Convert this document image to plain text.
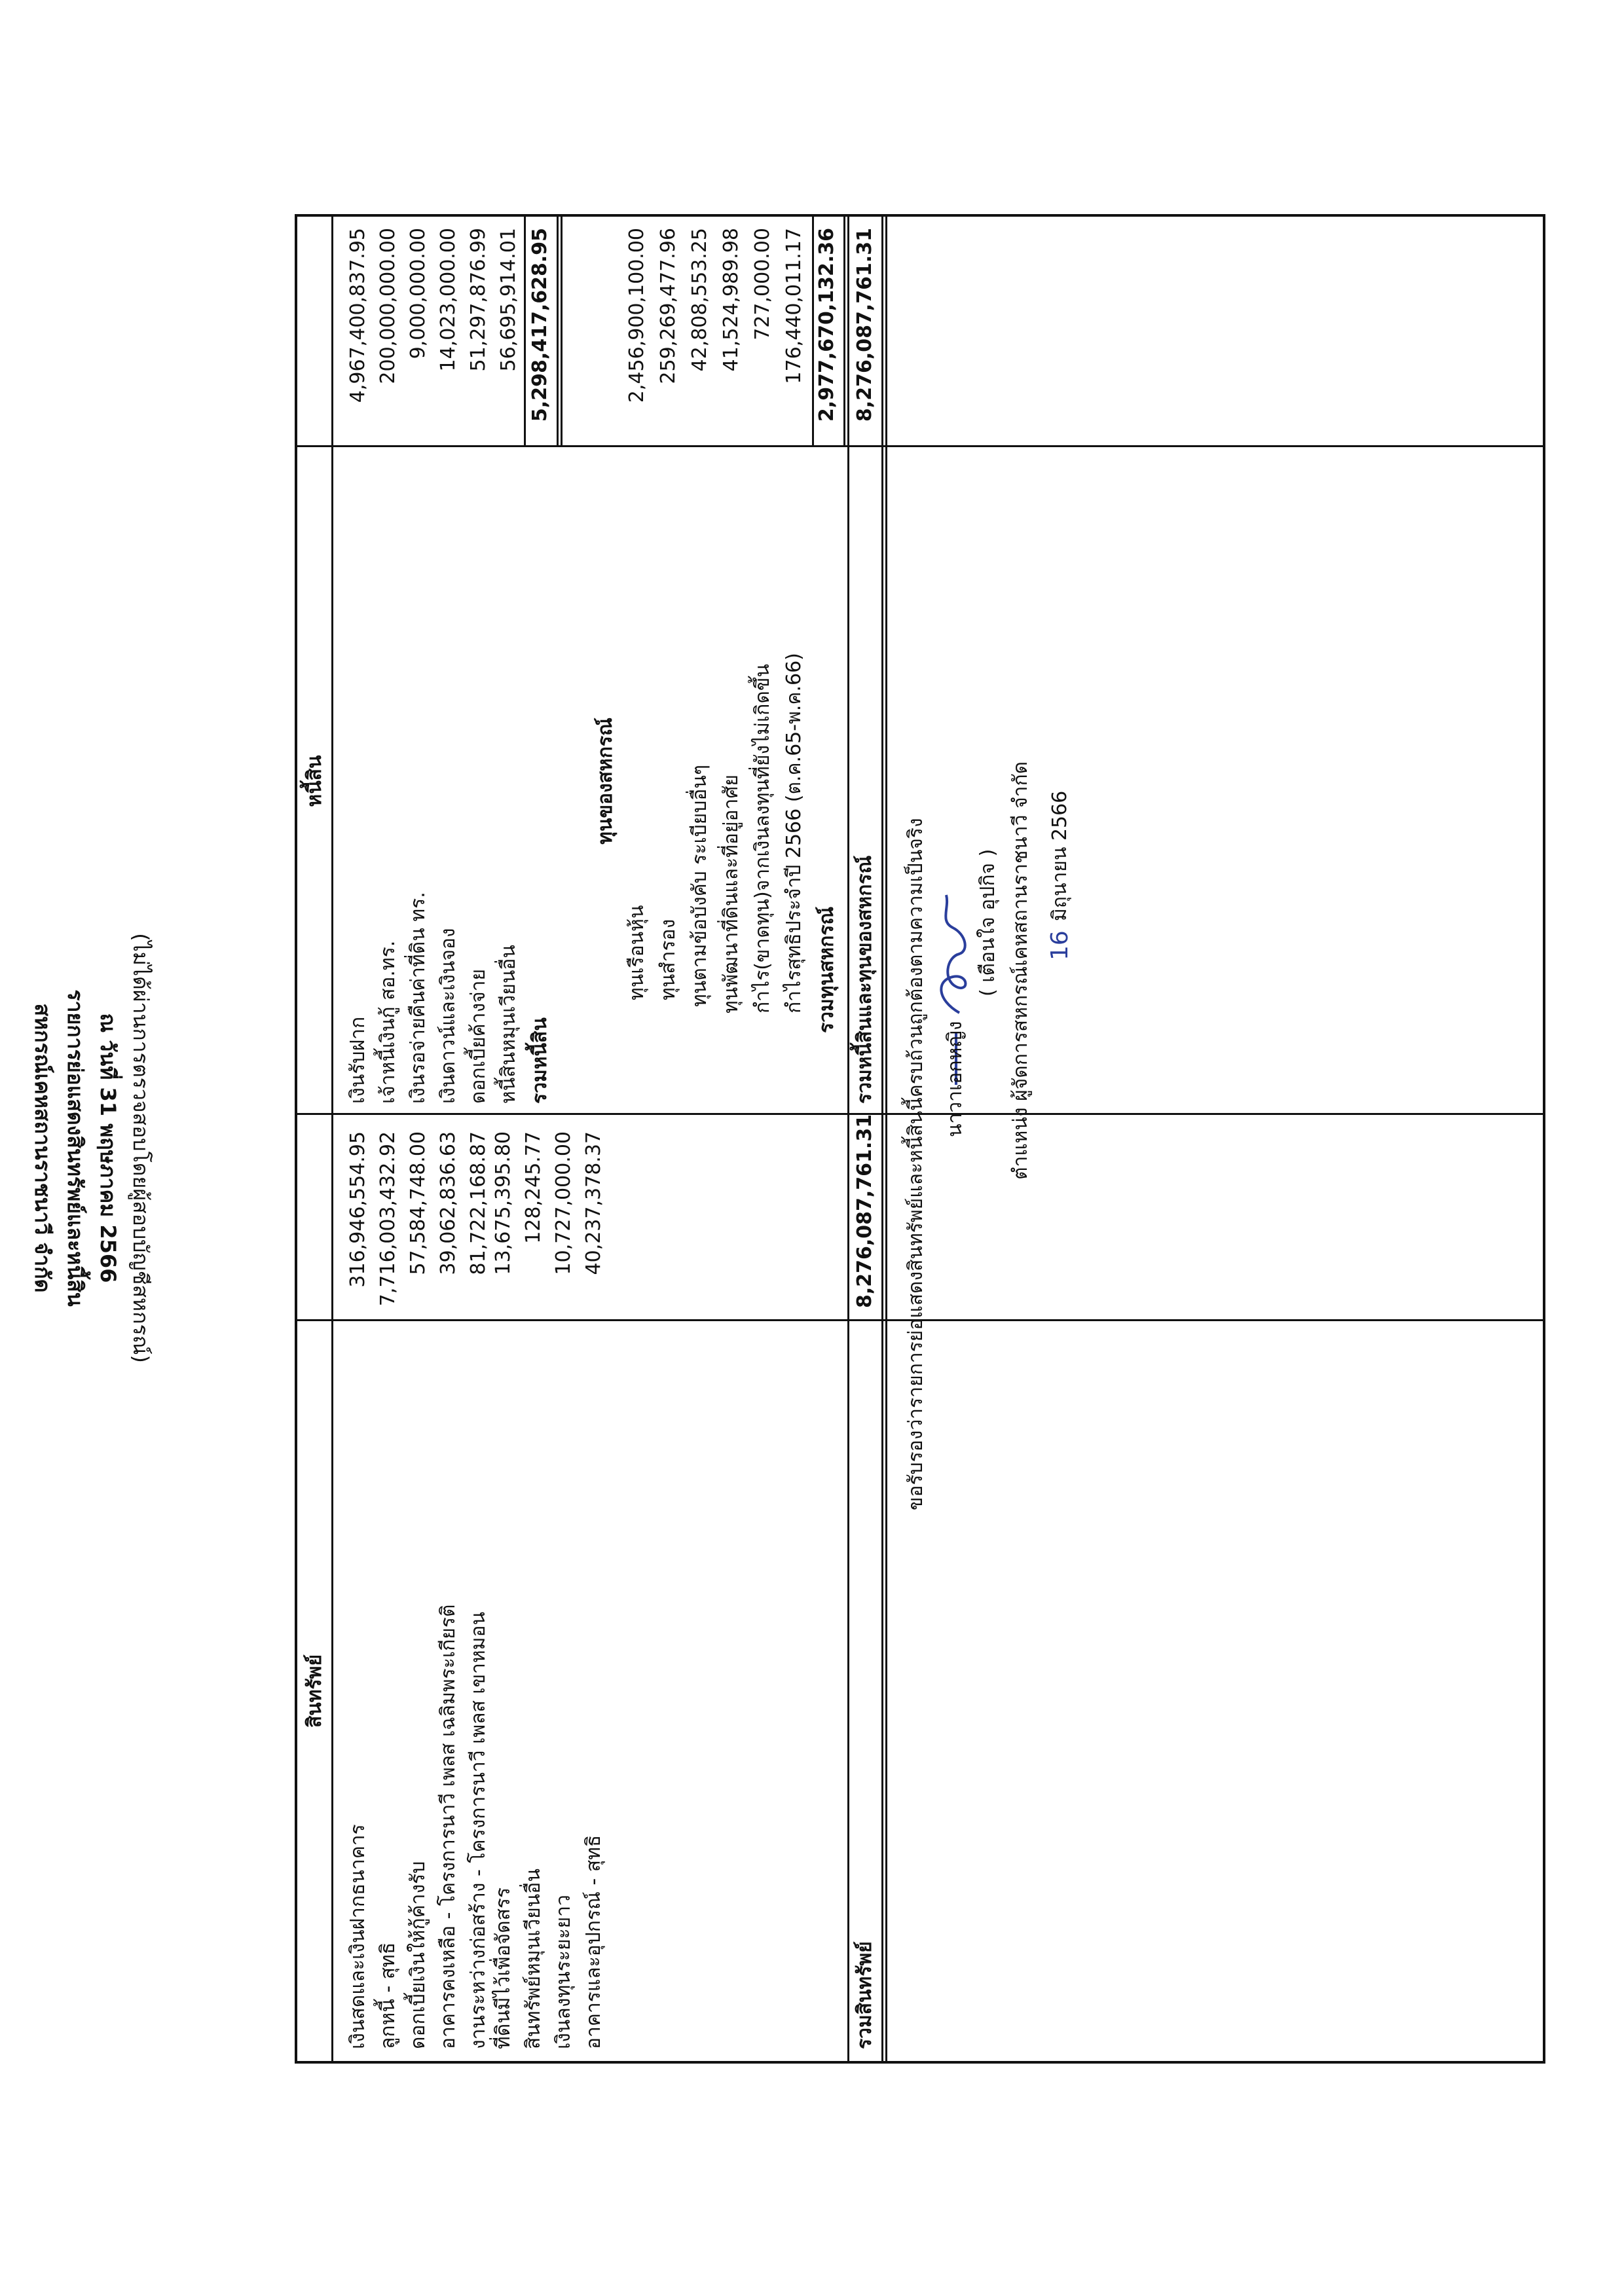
สหกรณ์เคหสถานราชนาวี จำกัด รายการย่อแสดงสินทรัพย์และหนี้สิน ณ วันที่ 31 พฤษภาคม 2566 (ไม่ได้ผ่านการตรวจสอบโดยผู้สอบบัญชีสหกรณ์)
สินทรัพย์
หนี้สิน
เงินสดและเงินฝากธนาคาร
316,946,554.95
ลูกหนี้ - สุทธิ
7,716,003,432.92
ดอกเบี้ยเงินให้กู้ค้างรับ
57,584,748.00
อาคารคงเหลือ - โครงการนาวี เพลส เฉลิมพระเกียรติ
39,062,836.63
งานระหว่างก่อสร้าง - โครงการนาวี เพลส เขาหมอน
81,722,168.87
ที่ดินมีไว้เพื่อจัดสรร
13,675,395.80
สินทรัพย์หมุนเวียนอื่น
128,245.77
เงินลงทุนระยะยาว
10,727,000.00
อาคารและอุปกรณ์ - สุทธิ
40,237,378.37
เงินรับฝาก
4,967,400,837.95
เจ้าหนี้เงินกู้ สอ.ทร.
200,000,000.00
เงินรอจ่ายคืนค่าที่ดิน ทร.
9,000,000.00
เงินดาวน์และเงินจอง
14,023,000.00
ดอกเบี้ยค้างจ่าย
51,297,876.99
หนี้สินหมุนเวียนอื่น
56,695,914.01
รวมหนี้สิน
5,298,417,628.95
ทุนของสหกรณ์
ทุนเรือนหุ้น
2,456,900,100.00
ทุนสำรอง
259,269,477.96
ทุนตามข้อบังคับ ระเบียบอื่นๆ
42,808,553.25
ทุนพัฒนาที่ดินและที่อยู่อาศัย
41,524,989.98
กำไร(ขาดทุน)จากเงินลงทุนที่ยังไม่เกิดขึ้น
727,000.00
กำไรสุทธิประจำปี 2566 (ต.ค.65-พ.ค.66)
176,440,011.17
รวมทุนสหกรณ์
2,977,670,132.36
รวมสินทรัพย์
8,276,087,761.31
รวมหนี้สินและทุนของสหกรณ์
8,276,087,761.31
ขอรับรองว่ารายการย่อแสดงสินทรัพย์และหนี้สินนี้ครบถ้วนถูกต้องตามความเป็นจริง นาวาเอกหญิง
( เตือนใจ อุปกิจ ) ตำแหน่ง ผู้จัดการสหกรณ์เคหสถานราชนาวี จำกัด 16
มิถุนายน 2566
